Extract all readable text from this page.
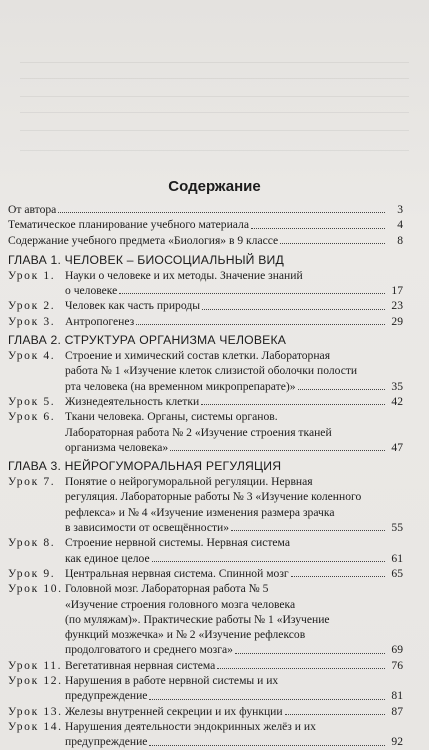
Содержание
От автора	3
Тематическое планирование учебного материала	4
Содержание учебного предмета «Биология» в 9 классе	8
ГЛАВА 1. ЧЕЛОВЕК – БИОСОЦИАЛЬНЫЙ ВИД
Урок 1. Науки о человеке и их методы. Значение знаний
о человеке	17
Урок 2. Человек как часть природы	23
Урок 3. Антропогенез	29
ГЛАВА 2. СТРУКТУРА ОРГАНИЗМА ЧЕЛОВЕКА
Урок 4. Строение и химический состав клетки. Лабораторная
работа № 1 «Изучение клеток слизистой оболочки полости
рта человека (на временном микропрепарате)»	35
Урок 5. Жизнедеятельность клетки	42
Урок 6. Ткани человека. Органы, системы органов.
Лабораторная работа № 2 «Изучение строения тканей
организма человека»	47
ГЛАВА 3. НЕЙРОГУМОРАЛЬНАЯ РЕГУЛЯЦИЯ
Урок 7. Понятие о нейрогуморальной регуляции. Нервная
регуляция. Лабораторные работы № 3 «Изучение коленного
рефлекса» и № 4 «Изучение изменения размера зрачка
в зависимости от освещённости»	55
Урок 8. Строение нервной системы. Нервная система
как единое целое	61
Урок 9. Центральная нервная система. Спинной мозг	65
Урок 10. Головной мозг. Лабораторная работа № 5
«Изучение строения головного мозга человека
(по муляжам)». Практические работы № 1 «Изучение
функций мозжечка» и № 2 «Изучение рефлексов
продолговатого и среднего мозга»	69
Урок 11. Вегетативная нервная система	76
Урок 12. Нарушения в работе нервной системы и их
предупреждение	81
Урок 13. Железы внутренней секреции и их функции	87
Урок 14. Нарушения деятельности эндокринных желёз и их
предупреждение	92
